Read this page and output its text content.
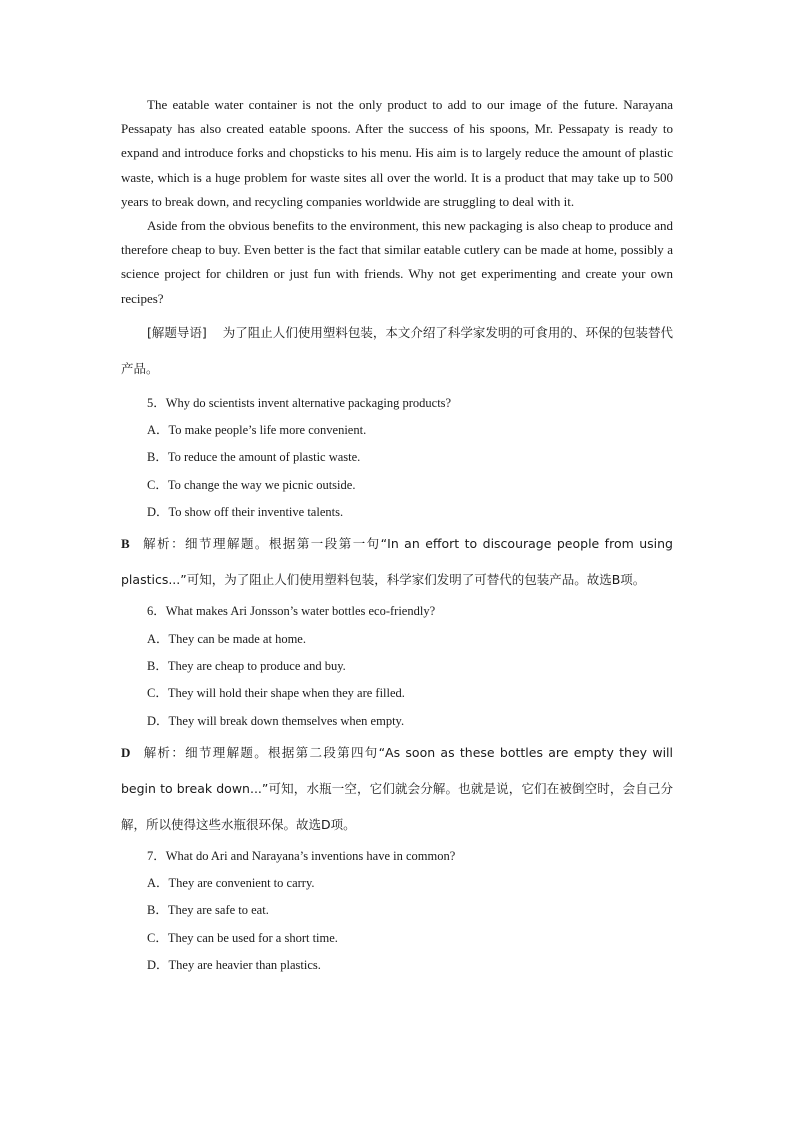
The eatable water container is not the only product to add to our image of the future. Narayana Pessapaty has also created eatable spoons. After the success of his spoons, Mr. Pessapaty is ready to expand and introduce forks and chopsticks to his menu. His aim is to largely reduce the amount of plastic waste, which is a huge problem for waste sites all over the world. It is a product that may take up to 500 years to break down, and recycling companies worldwide are struggling to deal with it.

Aside from the obvious benefits to the environment, this new packaging is also cheap to produce and therefore cheap to buy. Even better is the fact that similar eatable cutlery can be made at home, possibly a science project for children or just fun with friends. Why not get experimenting and create your own recipes?

[解题导语] 为了阻止人们使用塑料包装，本文介绍了科学家发明的可食用的、环保的包装替代产品。

5．Why do scientists invent alternative packaging products?

A．To make people’s life more convenient.
B．To reduce the amount of plastic waste.
C．To change the way we picnic outside.
D．To show off their inventive talents.

B 解析：细节理解题。根据第一段第一句“In an effort to discourage people from using plastics...”可知，为了阻止人们使用塑料包装，科学家们发明了可替代的包装产品。故选B项。

6．What makes Ari Jonsson’s water bottles eco-friendly?

A．They can be made at home.
B．They are cheap to produce and buy.
C．They will hold their shape when they are filled.
D．They will break down themselves when empty.

D 解析：细节理解题。根据第二段第四句“As soon as these bottles are empty they will begin to break down...”可知，水瓶一空，它们就会分解。也就是说，它们在被倒空时，会自己分解，所以使得这些水瓶很环保。故选D项。

7．What do Ari and Narayana’s inventions have in common?

A．They are convenient to carry.
B．They are safe to eat.
C．They can be used for a short time.
D．They are heavier than plastics.
